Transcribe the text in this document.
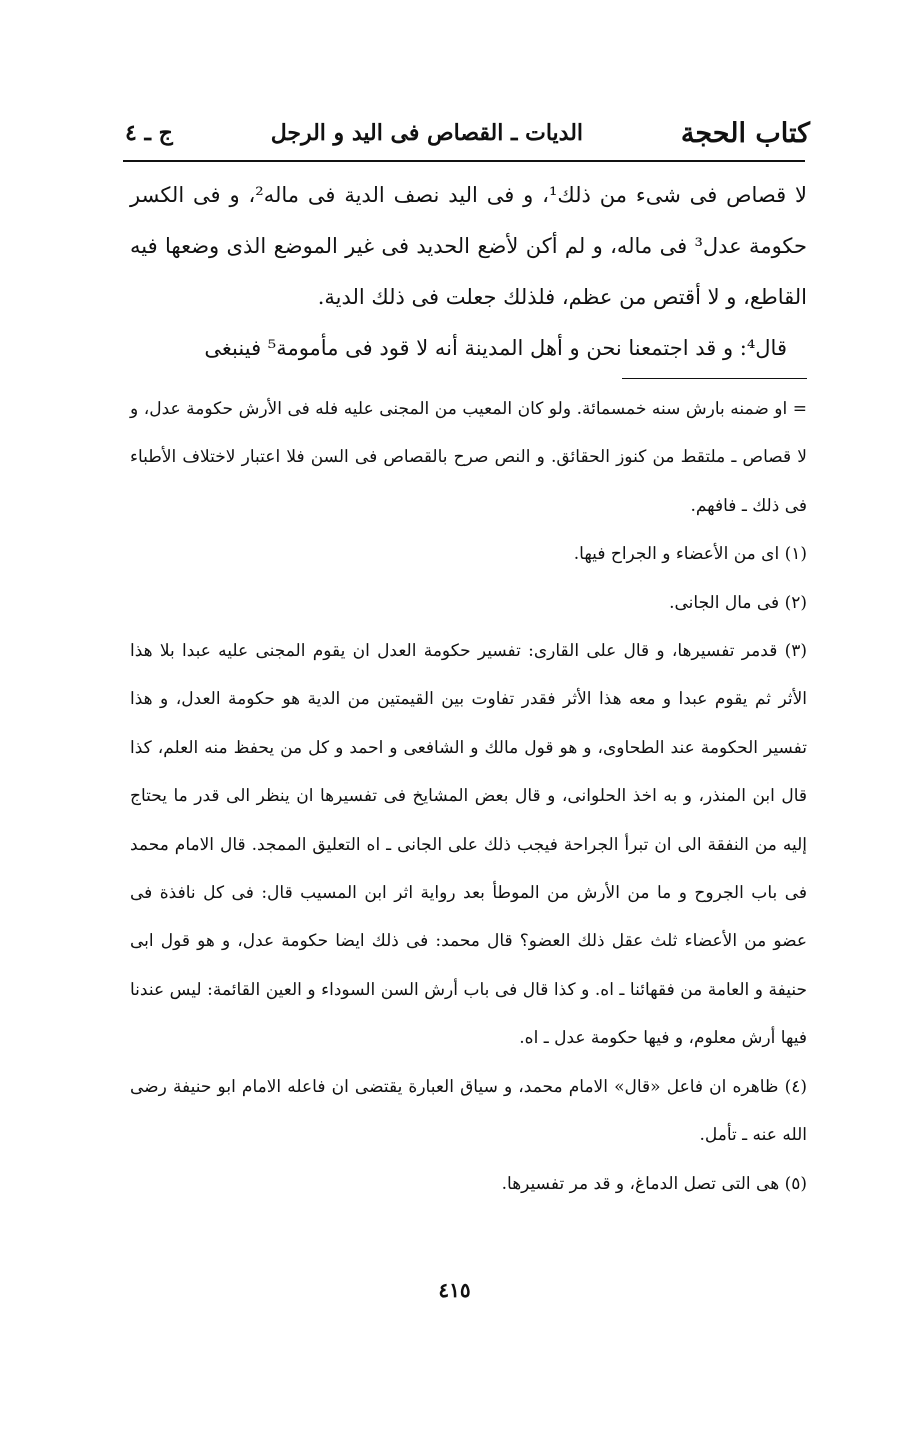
كتاب الحجة
الديات ـ القصاص فى اليد و الرجل
ج ـ ٤

لا قصاص فى شىء من ذلك¹، و فى اليد نصف الدية فى ماله²، و فى الكسر حكومة عدل³ فى ماله، و لم أكن لأضع الحديد فى غير الموضع الذى وضعها فيه القاطع، و لا أقتص من عظم، فلذلك جعلت فى ذلك الدية.

قال⁴: و قد اجتمعنا نحن و أهل المدينة أنه لا قود فى مأمومة⁵ فينبغى

= او ضمنه بارش سنه خمسمائة. ولو كان المعيب من المجنى عليه فله فى الأرش حكومة عدل، و لا قصاص ـ ملتقط من كنوز الحقائق. و النص صرح بالقصاص فى السن فلا اعتبار لاختلاف الأطباء فى ذلك ـ فافهم.

(١) اى من الأعضاء و الجراح فيها.

(٢) فى مال الجانى.

(٣) قدمر تفسيرها، و قال على القارى: تفسير حكومة العدل ان يقوم المجنى عليه عبدا بلا هذا الأثر ثم يقوم عبدا و معه هذا الأثر فقدر تفاوت بين القيمتين من الدية هو حكومة العدل، و هذا تفسير الحكومة عند الطحاوى، و هو قول مالك و الشافعى و احمد و كل من يحفظ منه العلم، كذا قال ابن المنذر، و به اخذ الحلوانى، و قال بعض المشايخ فى تفسيرها ان ينظر الى قدر ما يحتاج إليه من النفقة الى ان تبرأ الجراحة فيجب ذلك على الجانى ـ اه التعليق الممجد. قال الامام محمد فى باب الجروح و ما من الأرش من الموطأ بعد رواية اثر ابن المسيب قال: فى كل نافذة فى عضو من الأعضاء ثلث عقل ذلك العضو؟ قال محمد: فى ذلك ايضا حكومة عدل، و هو قول ابى حنيفة و العامة من فقهائنا ـ اه. و كذا قال فى باب أرش السن السوداء و العين القائمة: ليس عندنا فيها أرش معلوم، و فيها حكومة عدل ـ اه.

(٤) ظاهره ان فاعل «قال» الامام محمد، و سياق العبارة يقتضى ان فاعله الامام ابو حنيفة رضى الله عنه ـ تأمل.

(٥) هى التى تصل الدماغ، و قد مر تفسيرها.

٤١٥
